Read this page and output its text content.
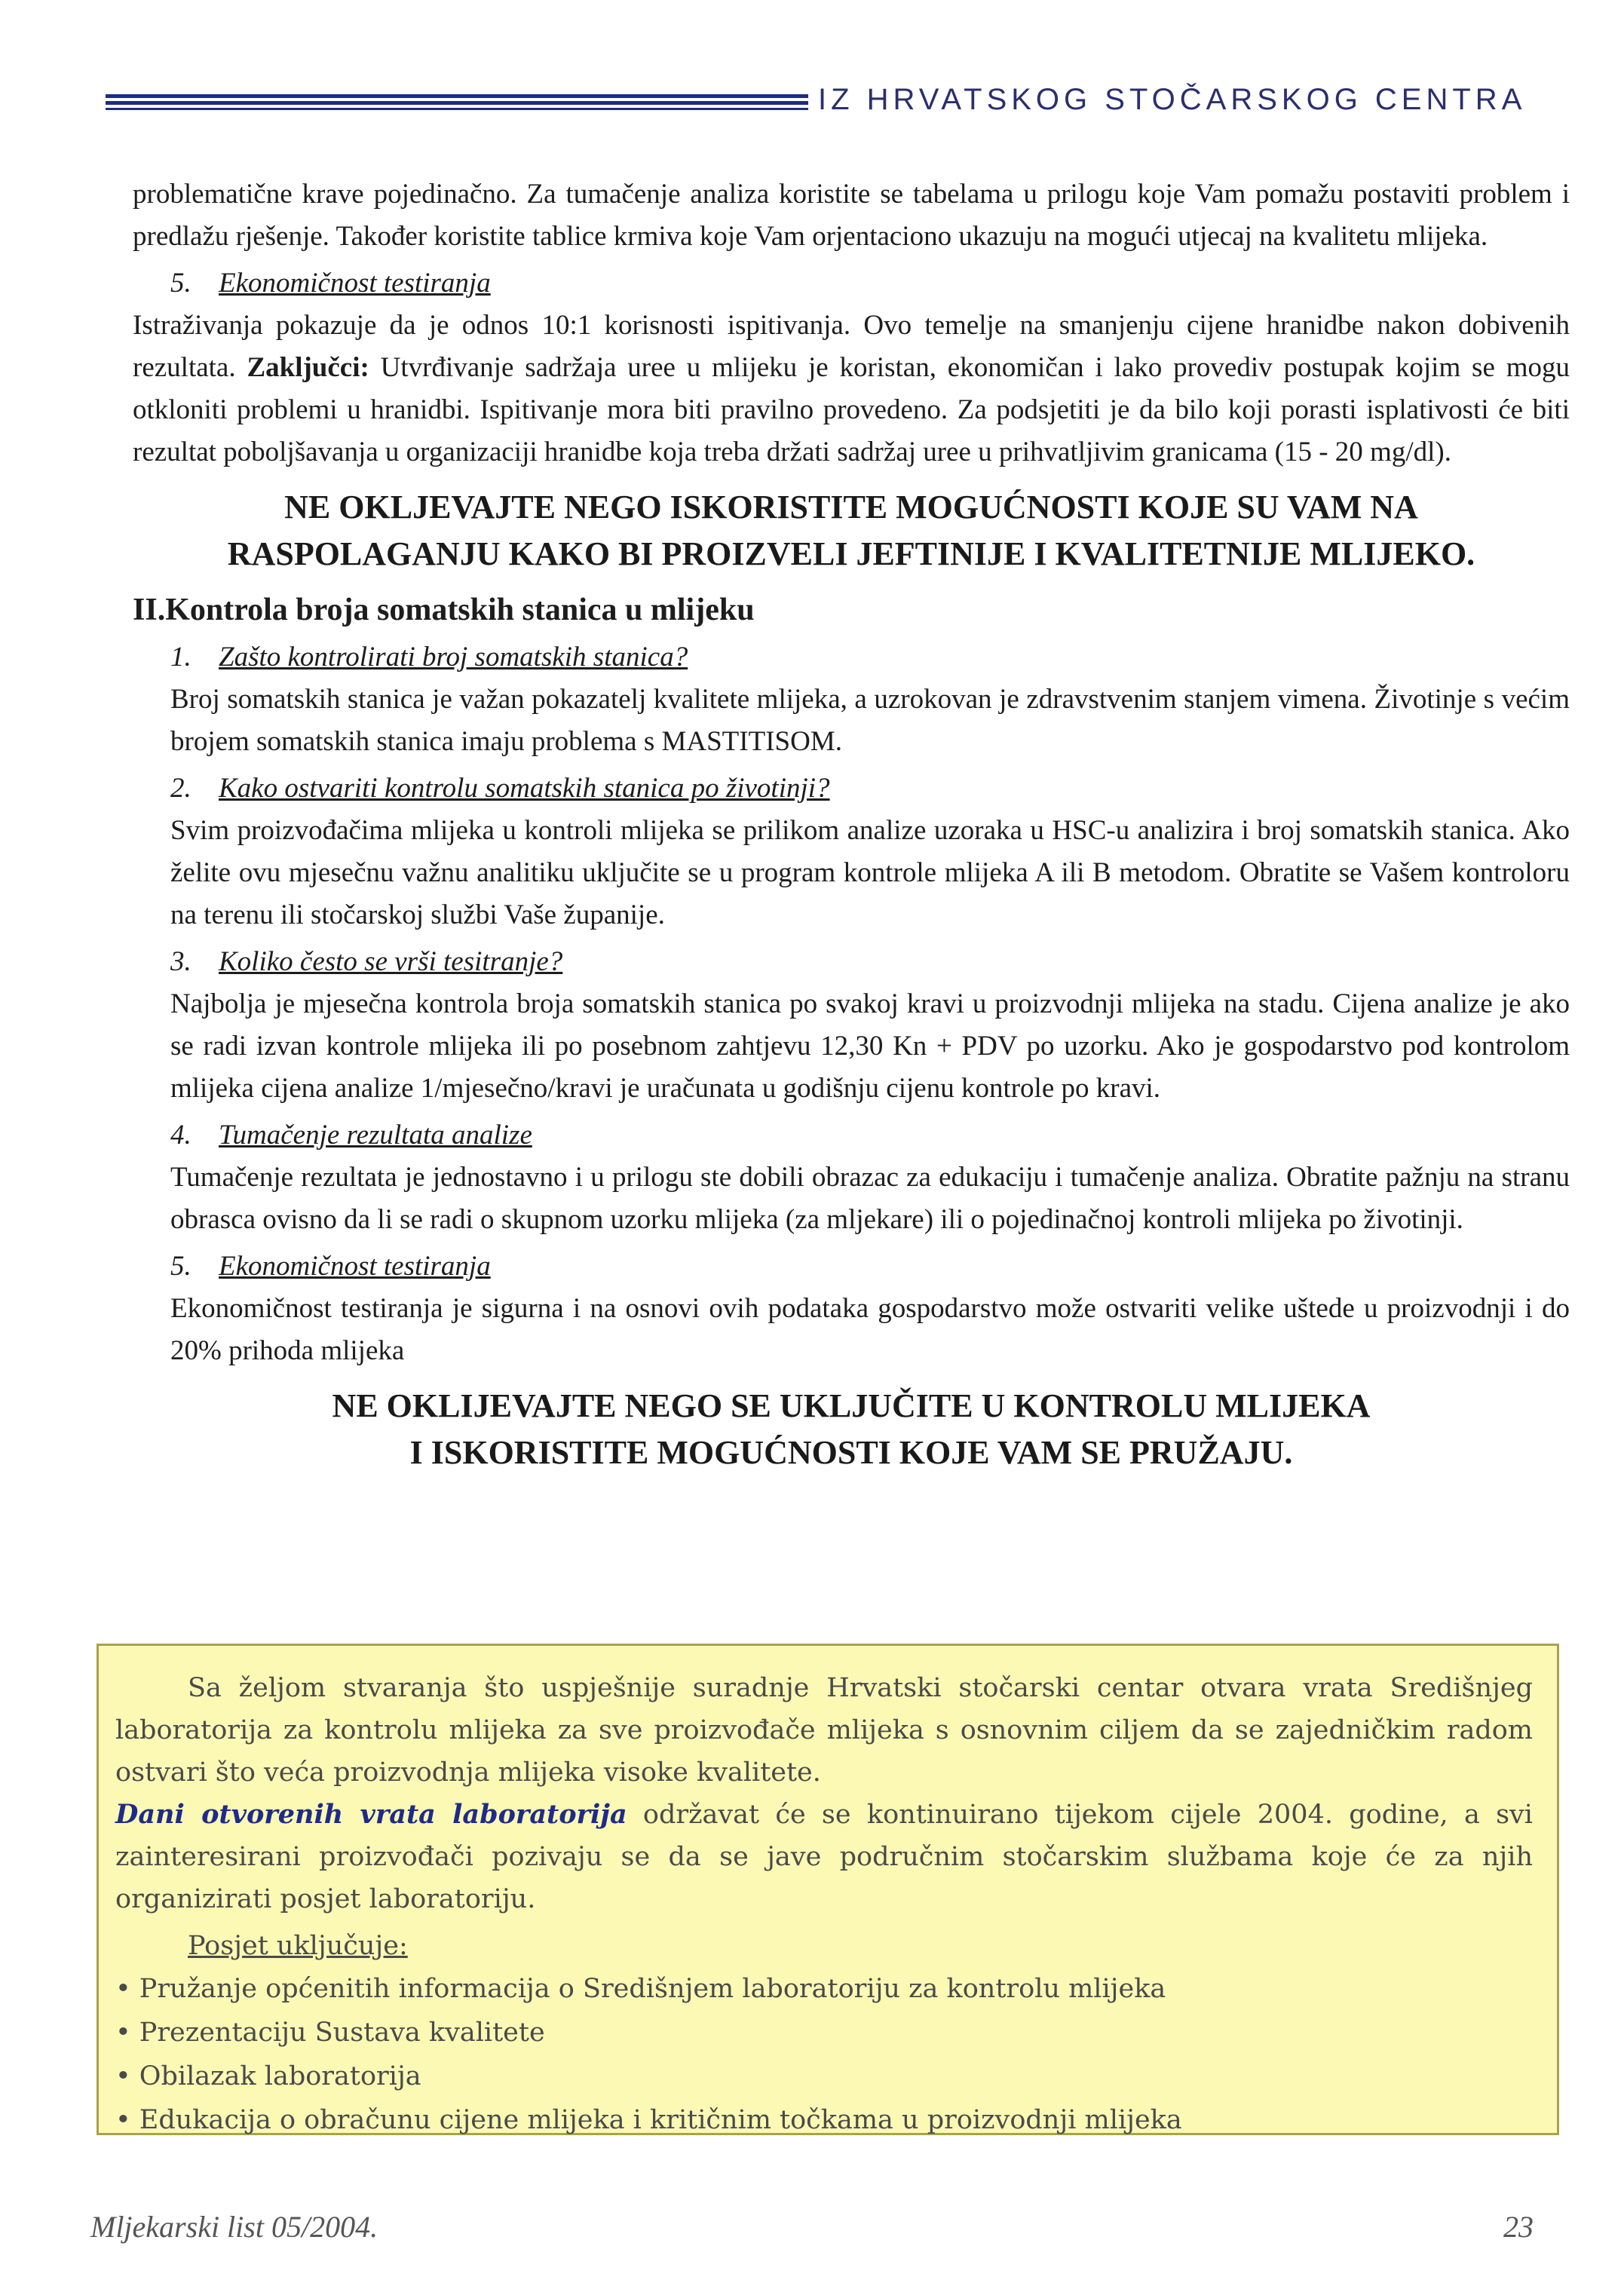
IZ HRVATSKOG STOČARSKOG CENTRA

problematične krave pojedinačno. Za tumačenje analiza koristite se tabelama u prilogu koje Vam pomažu postaviti problem i predlažu rješenje. Također koristite tablice krmiva koje Vam orjentaciono ukazuju na mogući utjecaj na kvalitetu mlijeka.

5. Ekonomičnost testiranja

Istraživanja pokazuje da je odnos 10:1 korisnosti ispitivanja. Ovo temelje na smanjenju cijene hranidbe nakon dobivenih rezultata. Zaključci: Utvrđivanje sadržaja uree u mlijeku je koristan, ekonomičan i lako provediv postupak kojim se mogu otkloniti problemi u hranidbi. Ispitivanje mora biti pravilno provedeno. Za podsjetiti je da bilo koji porasti isplativosti će biti rezultat poboljšavanja u organizaciji hranidbe koja treba držati sadržaj uree u prihvatljivim granicama (15 - 20 mg/dl).

NE OKLJEVAJTE NEGO ISKORISTITE MOGUĆNOSTI KOJE SU VAM NA
RASPOLAGANJU KAKO BI PROIZVELI JEFTINIJE I KVALITETNIJE MLIJEKO.
II.Kontrola broja somatskih stanica u mlijeku
1. Zašto kontrolirati broj somatskih stanica?

Broj somatskih stanica je važan pokazatelj kvalitete mlijeka, a uzrokovan je zdravstvenim stanjem vimena. Životinje s većim brojem somatskih stanica imaju problema s MASTITISOM.

2. Kako ostvariti kontrolu somatskih stanica po životinji?

Svim proizvođačima mlijeka u kontroli mlijeka se prilikom analize uzoraka u HSC-u analizira i broj somatskih stanica. Ako želite ovu mjesečnu važnu analitiku uključite se u program kontrole mlijeka A ili B metodom. Obratite se Vašem kontroloru na terenu ili stočarskoj službi Vaše županije.

3. Koliko često se vrši tesitranje?

Najbolja je mjesečna kontrola broja somatskih stanica po svakoj kravi u proizvodnji mlijeka na stadu. Cijena analize je ako se radi izvan kontrole mlijeka ili po posebnom zahtjevu 12,30 Kn + PDV po uzorku. Ako je gospodarstvo pod kontrolom mlijeka cijena analize 1/mjesečno/kravi je uračunata u godišnju cijenu kontrole po kravi.

4. Tumačenje rezultata analize

Tumačenje rezultata je jednostavno i u prilogu ste dobili obrazac za edukaciju i tumačenje analiza. Obratite pažnju na stranu obrasca ovisno da li se radi o skupnom uzorku mlijeka (za mljekare) ili o pojedinačnoj kontroli mlijeka po životinji.

5. Ekonomičnost testiranja

Ekonomičnost testiranja je sigurna i na osnovi ovih podataka gospodarstvo može ostvariti velike uštede u proizvodnji i do 20% prihoda mlijeka

NE OKLIJEVAJTE NEGO SE UKLJUČITE U KONTROLU MLIJEKA
I ISKORISTITE MOGUĆNOSTI KOJE VAM SE PRUŽAJU.

Sa željom stvaranja što uspješnije suradnje Hrvatski stočarski centar otvara vrata Središnjeg laboratorija za kontrolu mlijeka za sve proizvođače mlijeka s osnovnim ciljem da se zajedničkim radom ostvari što veća proizvodnja mlijeka visoke kvalitete.

Dani otvorenih vrata laboratorija održavat će se kontinuirano tijekom cijele 2004. godine, a svi zainteresirani proizvođači pozivaju se da se jave područnim stočarskim službama koje će za njih organizirati posjet laboratoriju.

Posjet uključuje:
• Pružanje općenitih informacija o Središnjem laboratoriju za kontrolu mlijeka
• Prezentaciju Sustava kvalitete
• Obilazak laboratorija
• Edukacija o obračunu cijene mlijeka i kritičnim točkama u proizvodnji mlijeka
Mljekarski list 05/2004.	23
